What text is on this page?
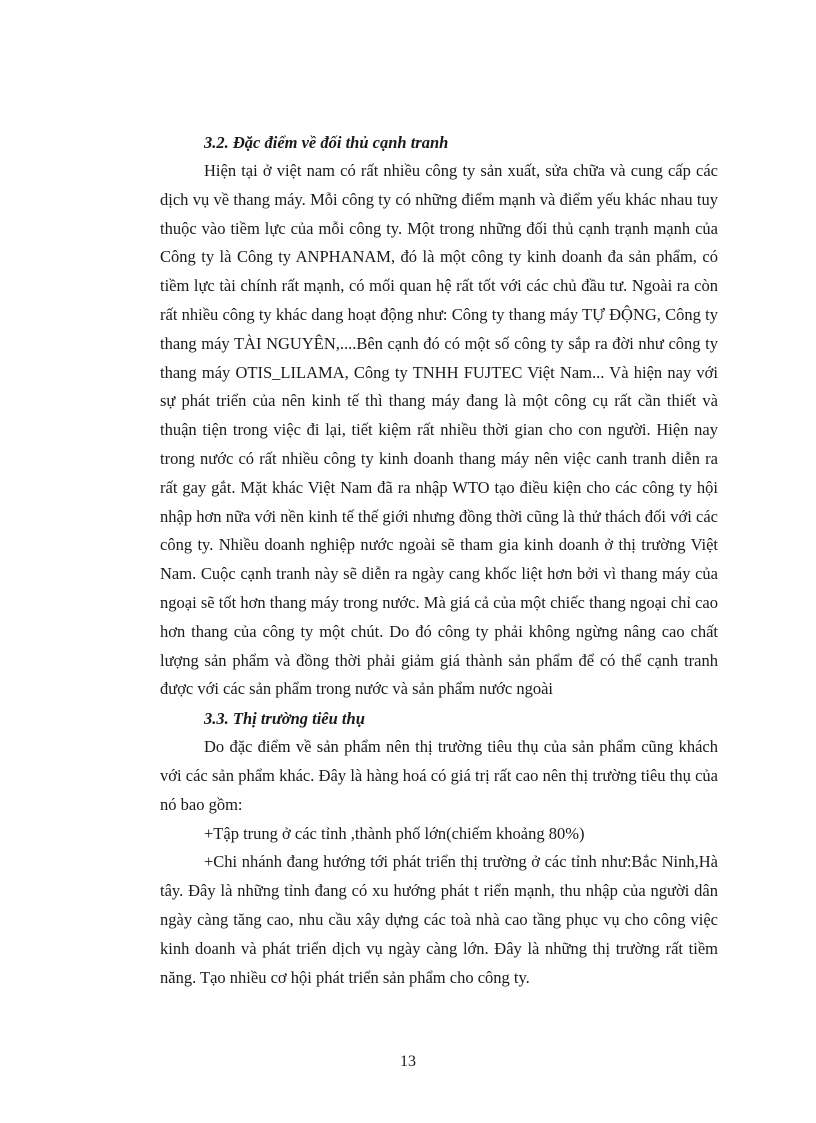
3.2. Đặc điểm về đối thủ cạnh tranh

Hiện tại ở việt nam có rất nhiều công ty sản xuất, sửa chữa và cung cấp các dịch vụ về thang máy. Mỗi công ty có những điểm mạnh và điểm yếu khác nhau tuy thuộc vào tiềm lực của mỗi công ty. Một trong những đối thủ cạnh trạnh mạnh của Công ty là Công ty ANPHANAM, đó là một công ty kinh doanh đa sản phẩm, có tiềm lực tài chính rất mạnh, có mối quan hệ rất tốt với các chủ đầu tư. Ngoài ra còn rất nhiều công ty khác dang hoạt động như: Công ty thang máy TỰ ĐỘNG, Công ty thang máy TÀI NGUYÊN,....Bên cạnh đó có một số công ty sắp ra đời như công ty thang máy OTIS_LILAMA, Công ty TNHH FUJTEC Việt Nam... Và hiện nay với sự phát triển của nên kinh tế thì thang máy đang là một công cụ rất cần thiết và thuận tiện trong việc đi lại, tiết kiệm rất nhiều thời gian cho con người. Hiện nay trong nước có rất nhiều công ty kinh doanh thang máy nên việc canh tranh diễn ra rất gay gắt. Mặt khác Việt Nam đã ra nhập WTO tạo điều kiện cho các công ty hội nhập hơn nữa với nền kinh tế thế giới nhưng đồng thời cũng là thử thách đối với các công ty. Nhiều doanh nghiệp nước ngoài sẽ tham gia kinh doanh ở thị trường Việt Nam. Cuộc cạnh tranh này sẽ diễn ra ngày cang khốc liệt hơn bởi vì thang máy của ngoại sẽ tốt hơn thang máy trong nước. Mà giá cả của một chiếc thang ngoại chỉ cao hơn thang của công ty một chút. Do đó công ty phải không ngừng nâng cao chất lượng sản phẩm và đồng thời phải giảm giá thành sản phẩm để có thể cạnh tranh được với các sản phẩm trong nước và sản phẩm nước ngoài

3.3. Thị trường tiêu thụ

Do đặc điểm về sản phẩm nên thị trường tiêu thụ của sản phẩm cũng khách với các sản phẩm khác. Đây là hàng hoá có giá trị rất cao nên thị trường tiêu thụ của nó bao gồm:

+Tập trung ở các tỉnh ,thành phố lớn(chiếm khoảng 80%)

+Chi nhánh đang hướng tới phát triển thị trường ở các tỉnh như:Bắc Ninh,Hà tây. Đây là những tỉnh đang có xu hướng phát t riển mạnh, thu nhập của người dân ngày càng tăng cao, nhu cầu xây dựng các toà nhà cao tầng phục vụ cho công việc kinh doanh và phát triển dịch vụ ngày càng lớn. Đây là những thị trường rất tiềm năng. Tạo nhiều cơ hội phát triển sản phẩm cho công ty.

13
